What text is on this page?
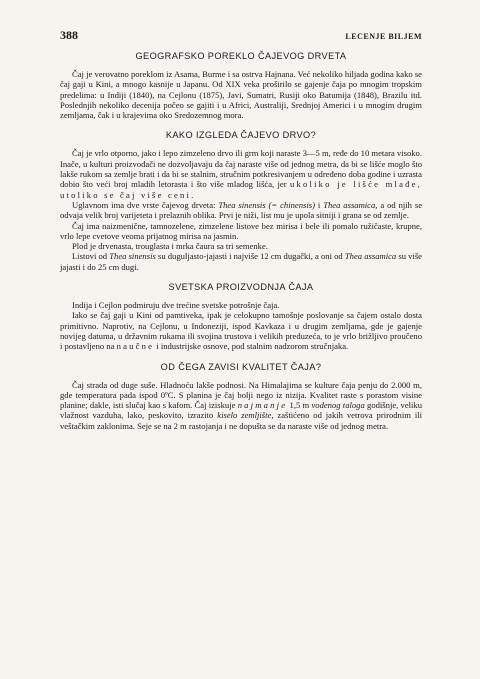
388	LECENJE BILJEM
GEOGRAFSKO POREKLO ČAJEVOG DRVETA

Čaj je verovatno poreklom iz Asama, Burme i sa ostrva Hajnana. Već nekoliko hiljada godina kako se čaj gaji u Kini, a mnogo kasnije u Japanu. Od XIX veka proširilo se gajenje čaja po mnogim tropskim predelima: u Indiji (1840), na Cejlonu (1875), Javi, Sumatri, Rusiji oko Batumija (1848), Brazilu itd. Poslednjih nekoliko decenija počeo se gajiti i u Africi, Australiji, Srednjoj Americi i u mnogim drugim zemljama, čak i u krajevima oko Sredozemnog mora.

KAKO IZGLEDA ČAJEVO DRVO?

Čaj je vrlo otporno, jako i lepo zimzeleno drvo ili grm koji naraste 3—5 m, ređe do 10 metara visoko. Inače, u kulturi proizvođači ne dozvoljavaju da čaj naraste više od jednog metra, da bi se lišće moglo što lakše rukom sa zemlje brati i da bi se stalnim, stručnim potkresivanjem u određeno doba godine i uzrasta dobio što veći broj mladih letorasta i što više mladog lišća, jer ukoliko je lišće mlađe, utoliko se čaj više ceni.

Uglavnom ima dve vrste čajevog drveta: Thea sinensis (= chinensis) i Thea assamica, a od njih se odvaja velik broj varijeteta i prelaznih oblika. Prvi je niži, list mu je upola sitniji i grana se od zemlje.

Čaj ima naizmenične, tamnozelene, zimzelene listove bez mirisa i bele ili pomalo ružičaste, krupne, vrlo lepe cvetove veoma prijatnog mirisa na jasmin.

Plod je drvenasta, trouglasta i mrka čaura sa tri semenke.

Listovi od Thea sinensis su duguljasto-jajasti i najviše 12 cm dugački, a oni od Thea assamica su više jajasti i do 25 cm dugi.

SVETSKA PROIZVODNJA ČAJA

Indija i Cejlon podmiruju dve trećine svetske potrošnje čaja.

Iako se čaj gaji u Kini od pamtiveka, ipak je celokupno tamošnje poslovanje sa čajem ostalo dosta primitivno. Naprotiv, na Cejlonu, u Indoneziji, ispod Kavkaza i u drugim zemljama, gde je gajenje novijeg datuma, u državnim rukama ili svojina trustova i velikih preduzeća, to je vrlo brižljivo proučeno i postavljeno na naučne i industrijske osnove, pod stalnim nadzorom stručnjaka.

OD ČEGA ZAVISI KVALITET ČAJA?

Čaj strada od duge suše. Hladnoću lakše podnosi. Na Himalajima se kulture čaja penju do 2.000 m, gde temperatura pada ispod 0ºC. S planina je čaj bolji nego iz nizija. Kvalitet raste s porastom visine planine; dakle, isti slučaj kao s kafom. Čaj iziskuje najmanje 1,5 m vodenog taloga godišnje, veliku vlažnost vazduha, lako, peskovito, izrazito kiselo zemljište, zaštićeno od jakih vetrova prirodnim ili veštačkim zaklonima. Seje se na 2 m rastojanja i ne dopušta se da naraste više od jednog metra.
